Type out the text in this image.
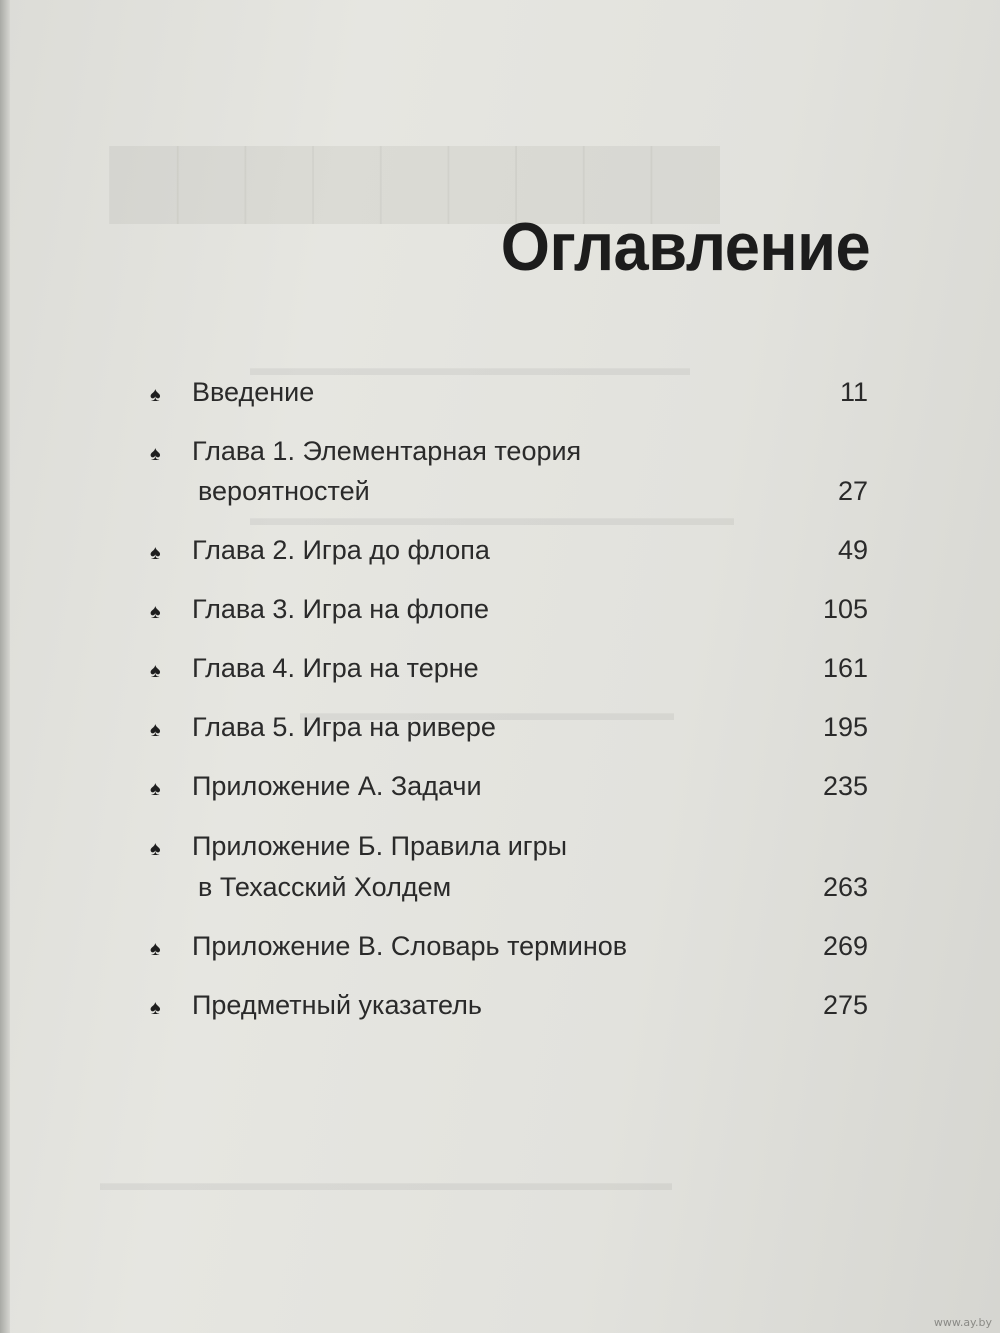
▆▆▆▆▆▆▆▆▆
▬▬▬▬▬▬▬▬▬▬▬▬▬▬▬▬▬▬▬▬
▬▬▬▬▬▬▬▬▬▬▬▬▬▬▬▬▬▬▬▬▬▬
▬▬▬▬▬▬▬▬▬▬▬▬▬▬▬▬▬
▬▬▬▬▬▬▬▬▬▬▬▬▬▬▬▬▬▬▬▬▬▬▬▬▬▬
Оглавление
♠ Введение	11
♠ Глава 1. Элементарная теория
вероятностей	27
♠ Глава 2. Игра до флопа	49
♠ Глава 3. Игра на флопе	105
♠ Глава 4. Игра на терне	161
♠ Глава 5. Игра на ривере	195
♠ Приложение А. Задачи	235
♠ Приложение Б. Правила игры
в Техасский Холдем	263
♠ Приложение В. Словарь терминов	269
♠ Предметный указатель	275
www.ay.by
